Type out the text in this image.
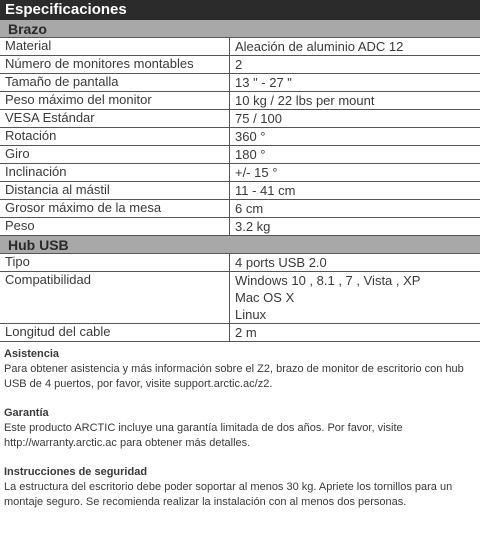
Especificaciones
Brazo
Material	Aleación de aluminio ADC 12
Número de monitores montables	2
Tamaño de pantalla	13 " - 27 "
Peso máximo del monitor	10 kg / 22 lbs per mount
VESA Estándar	75 / 100
Rotación	360 °
Giro	180 °
Inclinación	+/- 15 °
Distancia al mástil	11 - 41 cm
Grosor máximo de la mesa	6 cm
Peso	3.2 kg
Hub USB
Tipo	4 ports USB 2.0
Compatibilidad	Windows 10 , 8.1 , 7 , Vista , XP
Mac OS X
Linux
Longitud del cable	2 m
Asistencia
Para obtener asistencia y más información sobre el Z2, brazo de monitor de escritorio con hub USB de 4 puertos, por favor, visite support.arctic.ac/z2.
Garantía
Este producto ARCTIC incluye una garantía limitada de dos años. Por favor, visite http://warranty.arctic.ac para obtener más detalles.
Instrucciones de seguridad
La estructura del escritorio debe poder soportar al menos 30 kg. Apriete los tornillos para un montaje seguro. Se recomienda realizar la instalación con al menos dos personas.
